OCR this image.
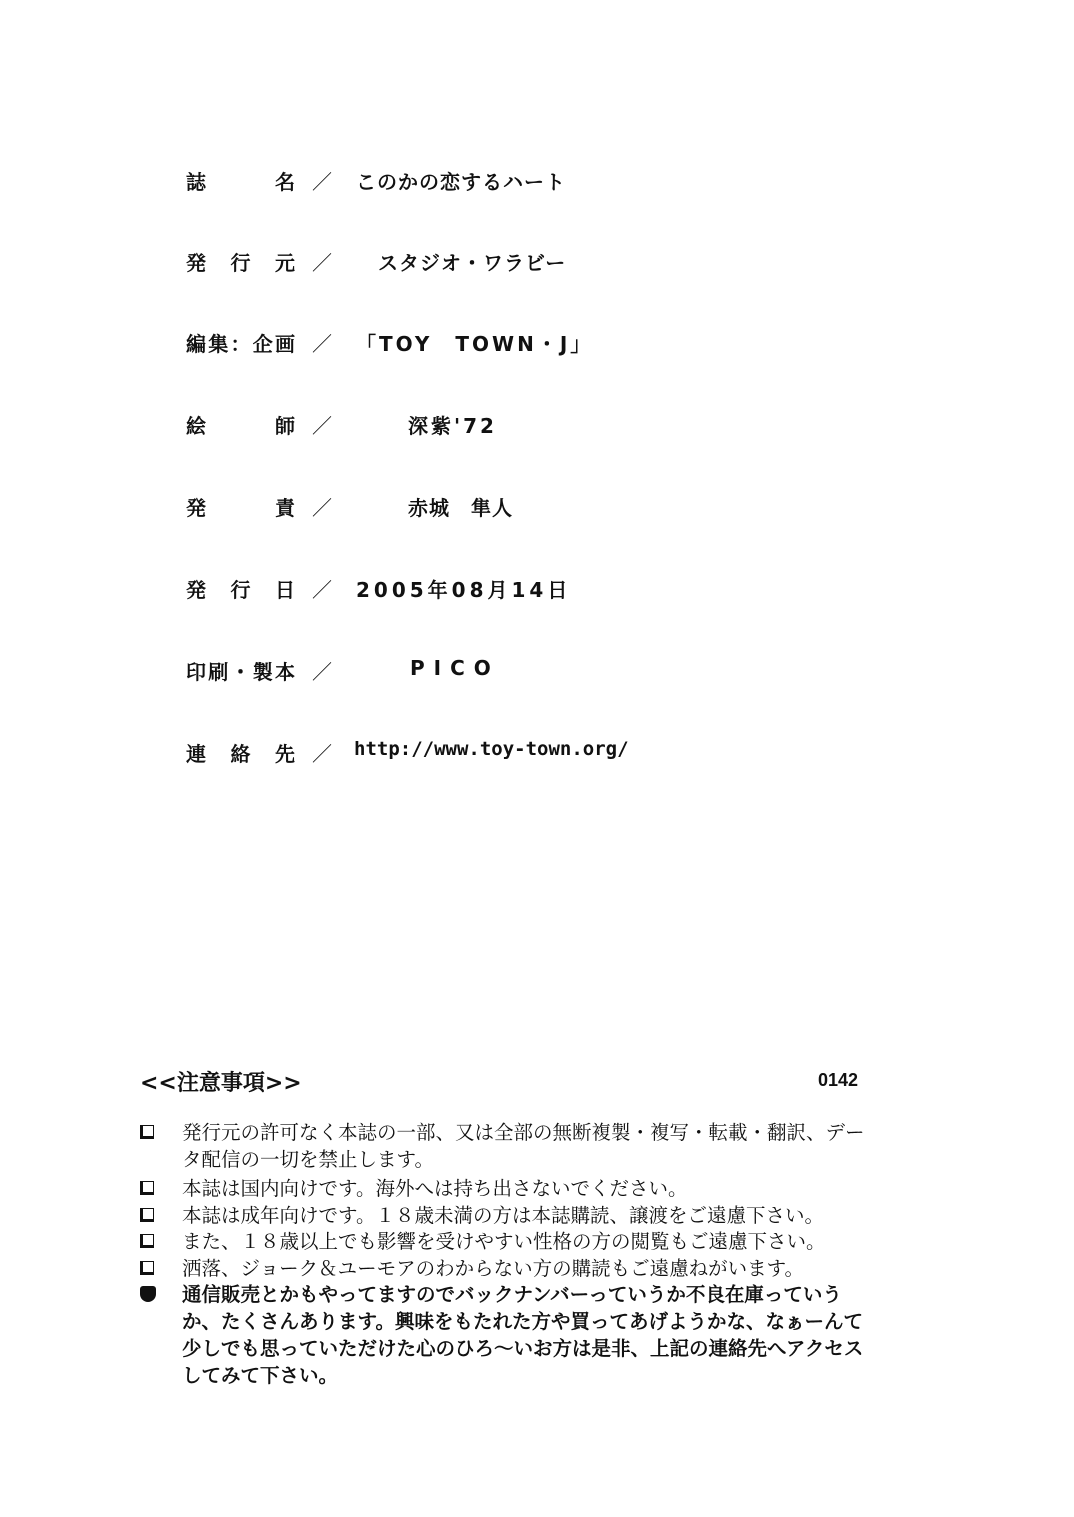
誌	名 ／ このかの恋するハート
発 行 元 ／ スタジオ・ワラビー
編 集 ： 企 画 ／ 「TOY　TOWN・J」
絵	師 ／	深紫'72
発	責 ／	赤城　隼人
発 行 日 ／ 2005年08月14日
印 刷 ・ 製 本 ／	PICO
連 絡 先 ／ http://www.toy-town.org/
<<注意事項>>	0142
発行元の許可なく本誌の一部、又は全部の無断複製・複写・転載・翻訳、データ配信の一切を禁止します。
本誌は国内向けです。海外へは持ち出さないでください。
本誌は成年向けです。１８歳未満の方は本誌購読、譲渡をご遠慮下さい。
また、１８歳以上でも影響を受けやすい性格の方の閲覧もご遠慮下さい。
洒落、ジョーク＆ユーモアのわからない方の購読もご遠慮ねがいます。
通信販売とかもやってますのでバックナンバーっていうか不良在庫っていうか、たくさんあります。興味をもたれた方や買ってあげようかな、なぁーんて少しでも思っていただけた心のひろ～いお方は是非、上記の連絡先へアクセスしてみて下さい。
